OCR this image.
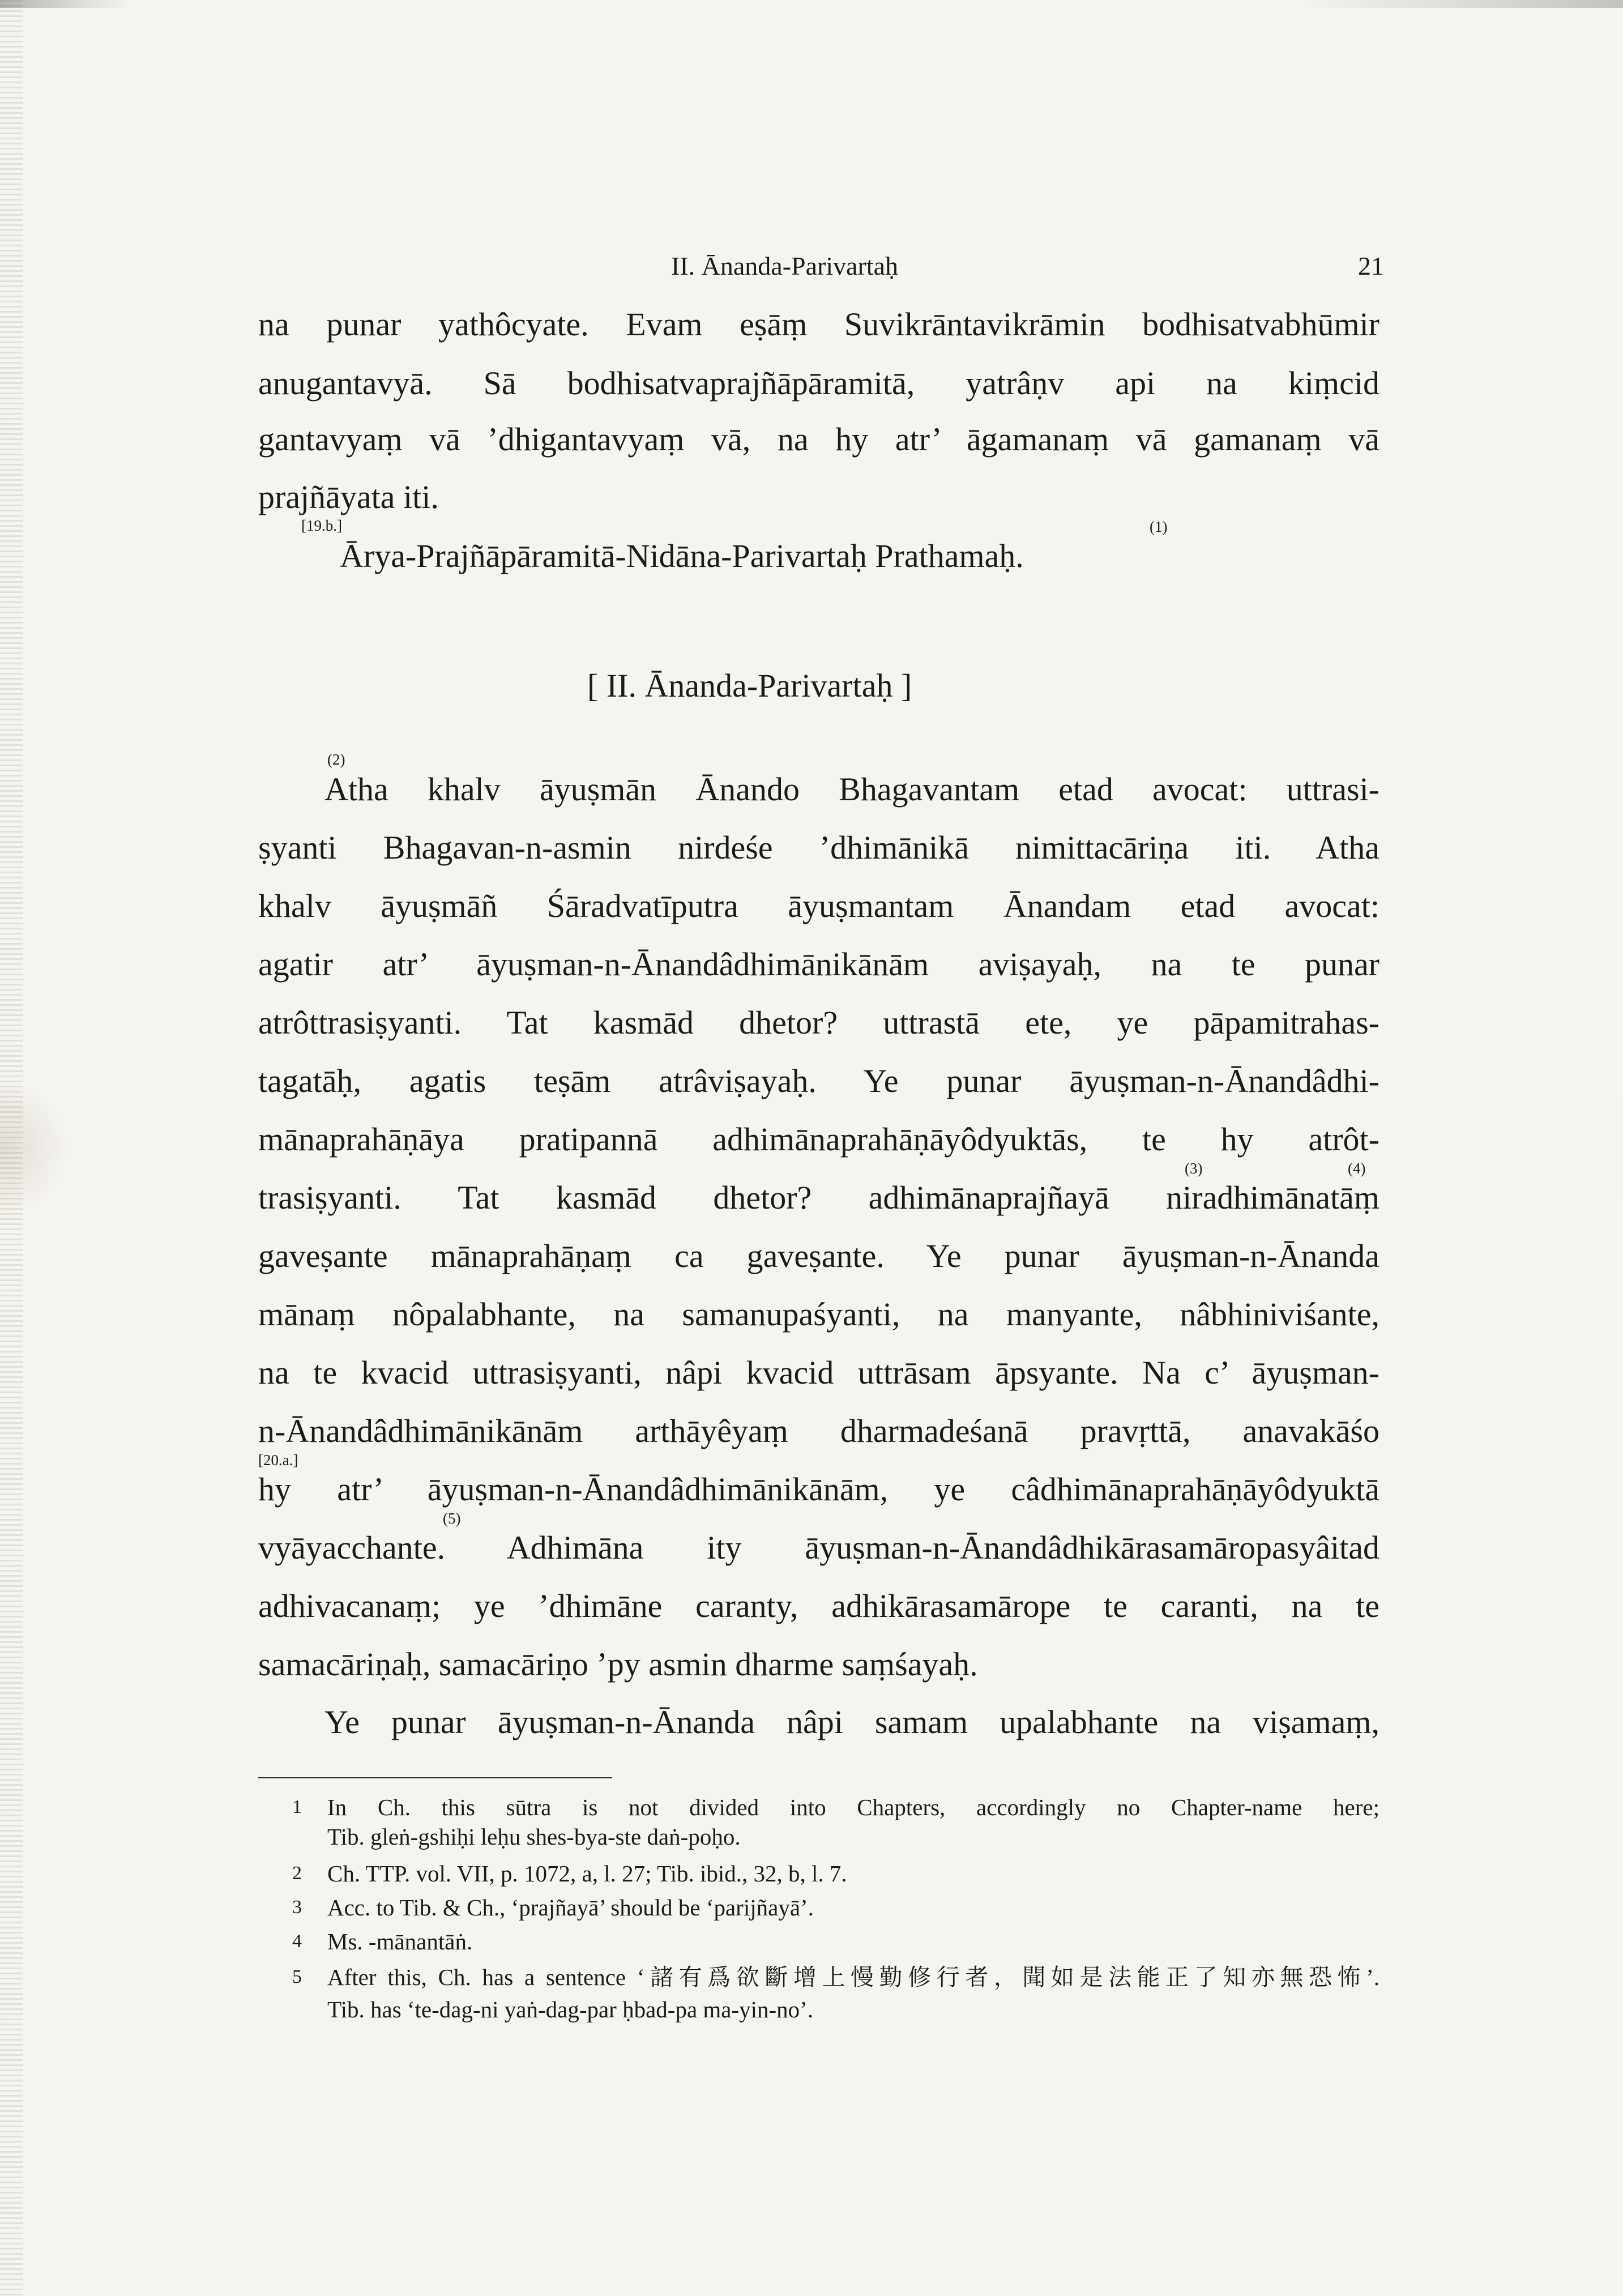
II. Ānanda-Parivartaḥ	21
na punar yathôcyate. Evam eṣāṃ Suvikrāntavikrāmin bodhisatvabhūmir
anugantavyā. Sā bodhisatvaprajñāpāramitā, yatrâṇv api na kiṃcid
gantavyaṃ vā ’dhigantavyaṃ vā, na hy atr’ āgamanaṃ vā gamanaṃ vā
prajñāyata iti.
[19.b.]	(1)
Ārya-Prajñāpāramitā-Nidāna-Parivartaḥ Prathamaḥ.
[ II. Ānanda-Parivartaḥ ]
(2)
(3)	(4)
[20.a.]
(5)
Atha khalv āyuṣmān Ānando Bhagavantam etad avocat: uttrasi-
ṣyanti Bhagavan-n-asmin nirdeśe ’dhimānikā nimittacāriṇa iti. Atha
khalv āyuṣmāñ Śāradvatīputra āyuṣmantam Ānandam etad avocat:
agatir atr’ āyuṣman-n-Ānandâdhimānikānām aviṣayaḥ, na te punar
atrôttrasiṣyanti. Tat kasmād dhetor? uttrastā ete, ye pāpamitrahas-
tagatāḥ, agatis teṣām atrâviṣayaḥ. Ye punar āyuṣman-n-Ānandâdhi-
mānaprahāṇāya pratipannā adhimānaprahāṇāyôdyuktās, te hy atrôt-
trasiṣyanti. Tat kasmād dhetor? adhimānaprajñayā niradhimānatāṃ
gaveṣante mānaprahāṇaṃ ca gaveṣante. Ye punar āyuṣman-n-Ānanda
mānaṃ nôpalabhante, na samanupaśyanti, na manyante, nâbhiniviśante,
na te kvacid uttrasiṣyanti, nâpi kvacid uttrāsam āpsyante. Na c’ āyuṣman-
n-Ānandâdhimānikānām arthāyêyaṃ dharmadeśanā pravṛttā, anavakāśo
hy atr’ āyuṣman-n-Ānandâdhimānikānām, ye câdhimānaprahāṇāyôdyuktā
vyāyacchante. Adhimāna ity āyuṣman-n-Ānandâdhikārasamāropasyâitad
adhivacanaṃ; ye ’dhimāne caranty, adhikārasamārope te caranti, na te
samacāriṇaḥ, samacāriṇo ’py asmin dharme saṃśayaḥ.
Ye punar āyuṣman-n-Ānanda nâpi samam upalabhante na viṣamaṃ,
1 In Ch. this sūtra is not divided into Chapters, accordingly no Chapter-name here;
Tib. gleṅ-gshiḥi leḥu shes-bya-ste daṅ-poḥo.
2 Ch. TTP. vol. VII, p. 1072, a, l. 27; Tib. ibid., 32, b, l. 7.
3 Acc. to Tib. & Ch., ‘prajñayā’ should be ‘parijñayā’.
4 Ms. -mānantāṅ.
5 After this, Ch. has a sentence ‘諸有爲欲斷增上慢勤修行者，聞如是法能正了知亦無恐怖’.
Tib. has ‘te-dag-ni yaṅ-dag-par ḥbad-pa ma-yin-no’.
